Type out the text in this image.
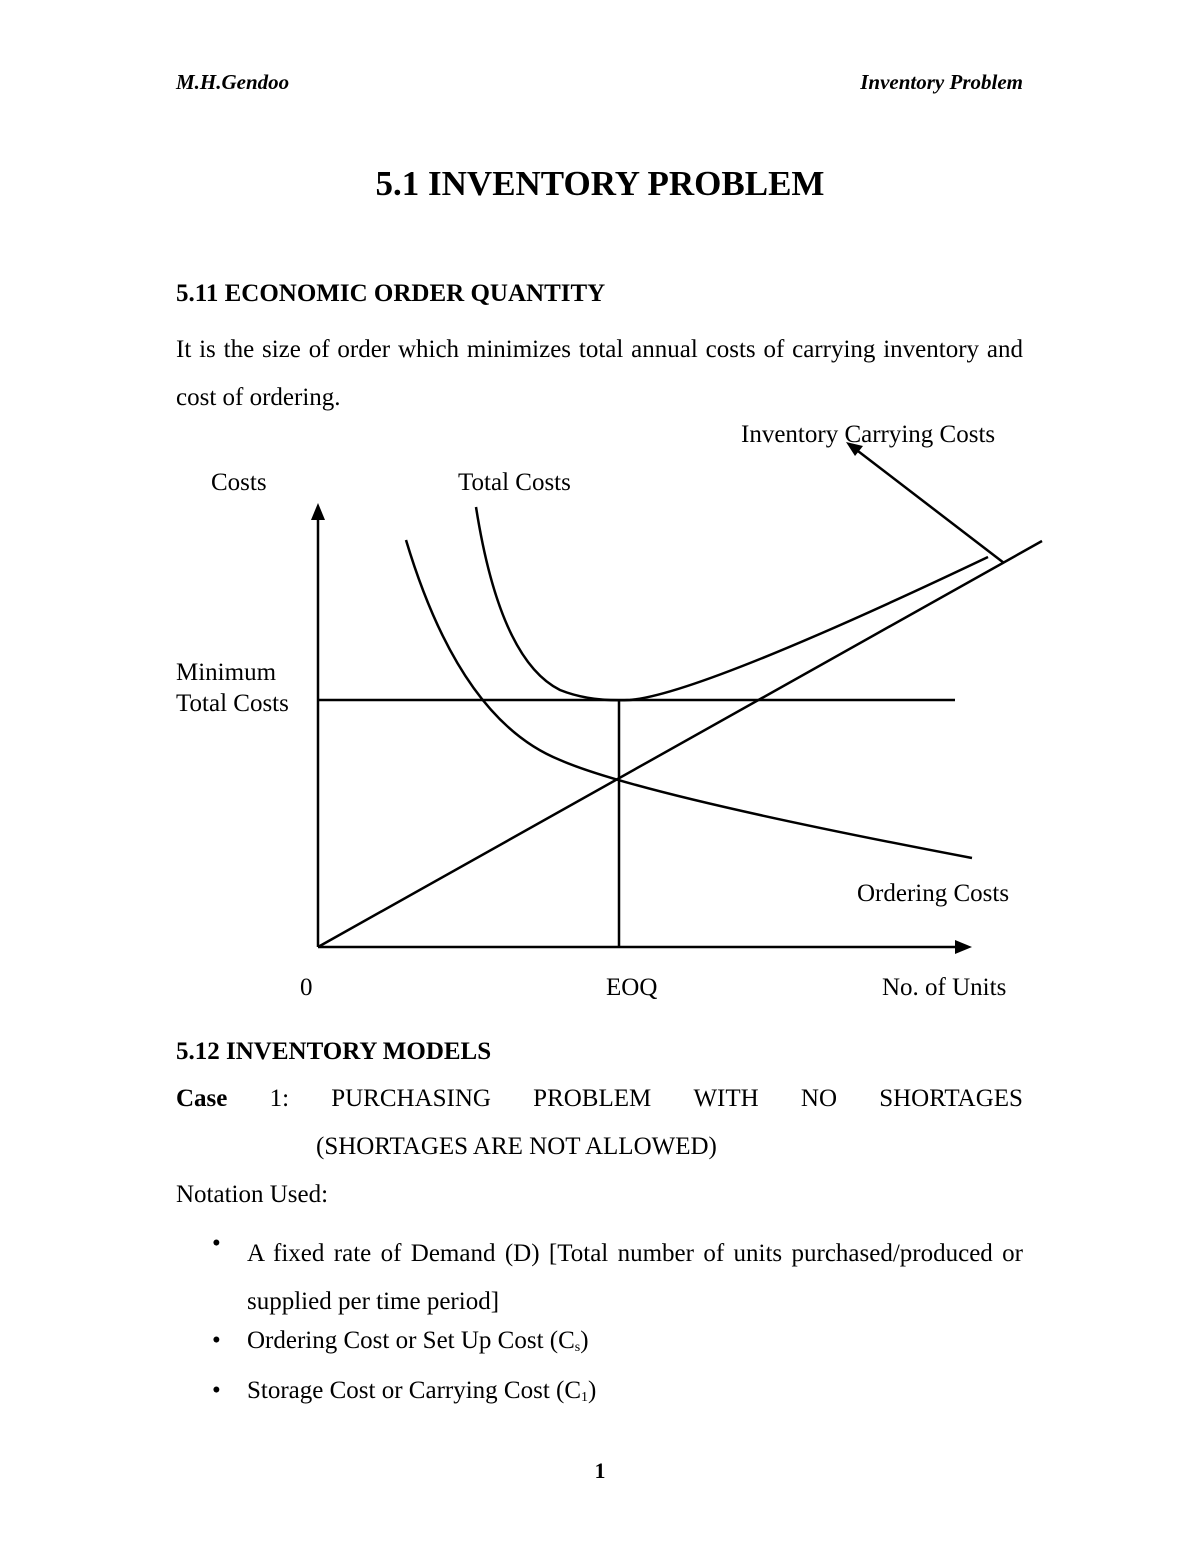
M.H.Gendoo	Inventory Problem
5.1 INVENTORY PROBLEM
5.11 ECONOMIC ORDER QUANTITY
It is the size of order which minimizes total annual costs of carrying inventory and cost of ordering.
Inventory Carrying Costs
Costs	Total Costs
Minimum
Total Costs
Ordering Costs
0	EOQ	No. of Units
5.12 INVENTORY MODELS
Case 1: PURCHASING PROBLEM WITH NO SHORTAGES
(SHORTAGES ARE NOT ALLOWED)
Notation Used:
• A fixed rate of Demand (D) [Total number of units purchased/produced or supplied per time period]
• Ordering Cost or Set Up Cost $(C_s)$
• Storage Cost or Carrying Cost $(C_1)$
1
